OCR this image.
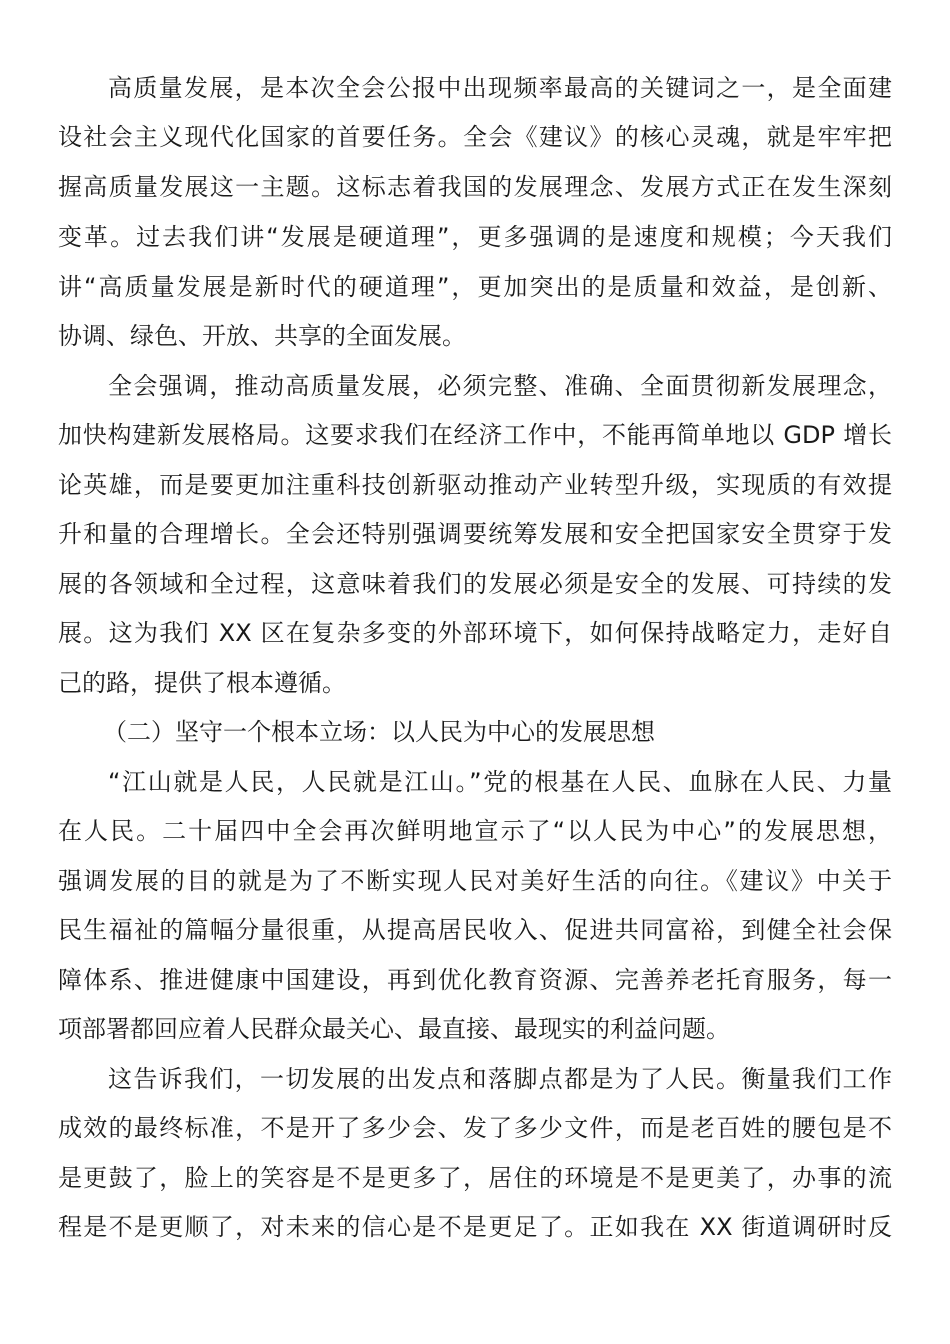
高质量发展，是本次全会公报中出现频率最高的关键词之一，是全面建
设社会主义现代化国家的首要任务。全会《建议》的核心灵魂，就是牢牢把
握高质量发展这一主题。这标志着我国的发展理念、发展方式正在发生深刻
变革。过去我们讲“发展是硬道理”，更多强调的是速度和规模；今天我们
讲“高质量发展是新时代的硬道理”，更加突出的是质量和效益，是创新、
协调、绿色、开放、共享的全面发展。
全会强调，推动高质量发展，必须完整、准确、全面贯彻新发展理念，
加快构建新发展格局。这要求我们在经济工作中，不能再简单地以 GDP 增长
论英雄，而是要更加注重科技创新驱动推动产业转型升级，实现质的有效提
升和量的合理增长。全会还特别强调要统筹发展和安全把国家安全贯穿于发
展的各领域和全过程，这意味着我们的发展必须是安全的发展、可持续的发
展。这为我们 XX 区在复杂多变的外部环境下，如何保持战略定力，走好自
己的路，提供了根本遵循。
（二）坚守一个根本立场：以人民为中心的发展思想
“江山就是人民，人民就是江山。”党的根基在人民、血脉在人民、力量
在人民。二十届四中全会再次鲜明地宣示了“以人民为中心”的发展思想，
强调发展的目的就是为了不断实现人民对美好生活的向往。《建议》中关于
民生福祉的篇幅分量很重，从提高居民收入、促进共同富裕，到健全社会保
障体系、推进健康中国建设，再到优化教育资源、完善养老托育服务，每一
项部署都回应着人民群众最关心、最直接、最现实的利益问题。
这告诉我们，一切发展的出发点和落脚点都是为了人民。衡量我们工作
成效的最终标准，不是开了多少会、发了多少文件，而是老百姓的腰包是不
是更鼓了，脸上的笑容是不是更多了，居住的环境是不是更美了，办事的流
程是不是更顺了，对未来的信心是不是更足了。正如我在 XX 街道调研时反
